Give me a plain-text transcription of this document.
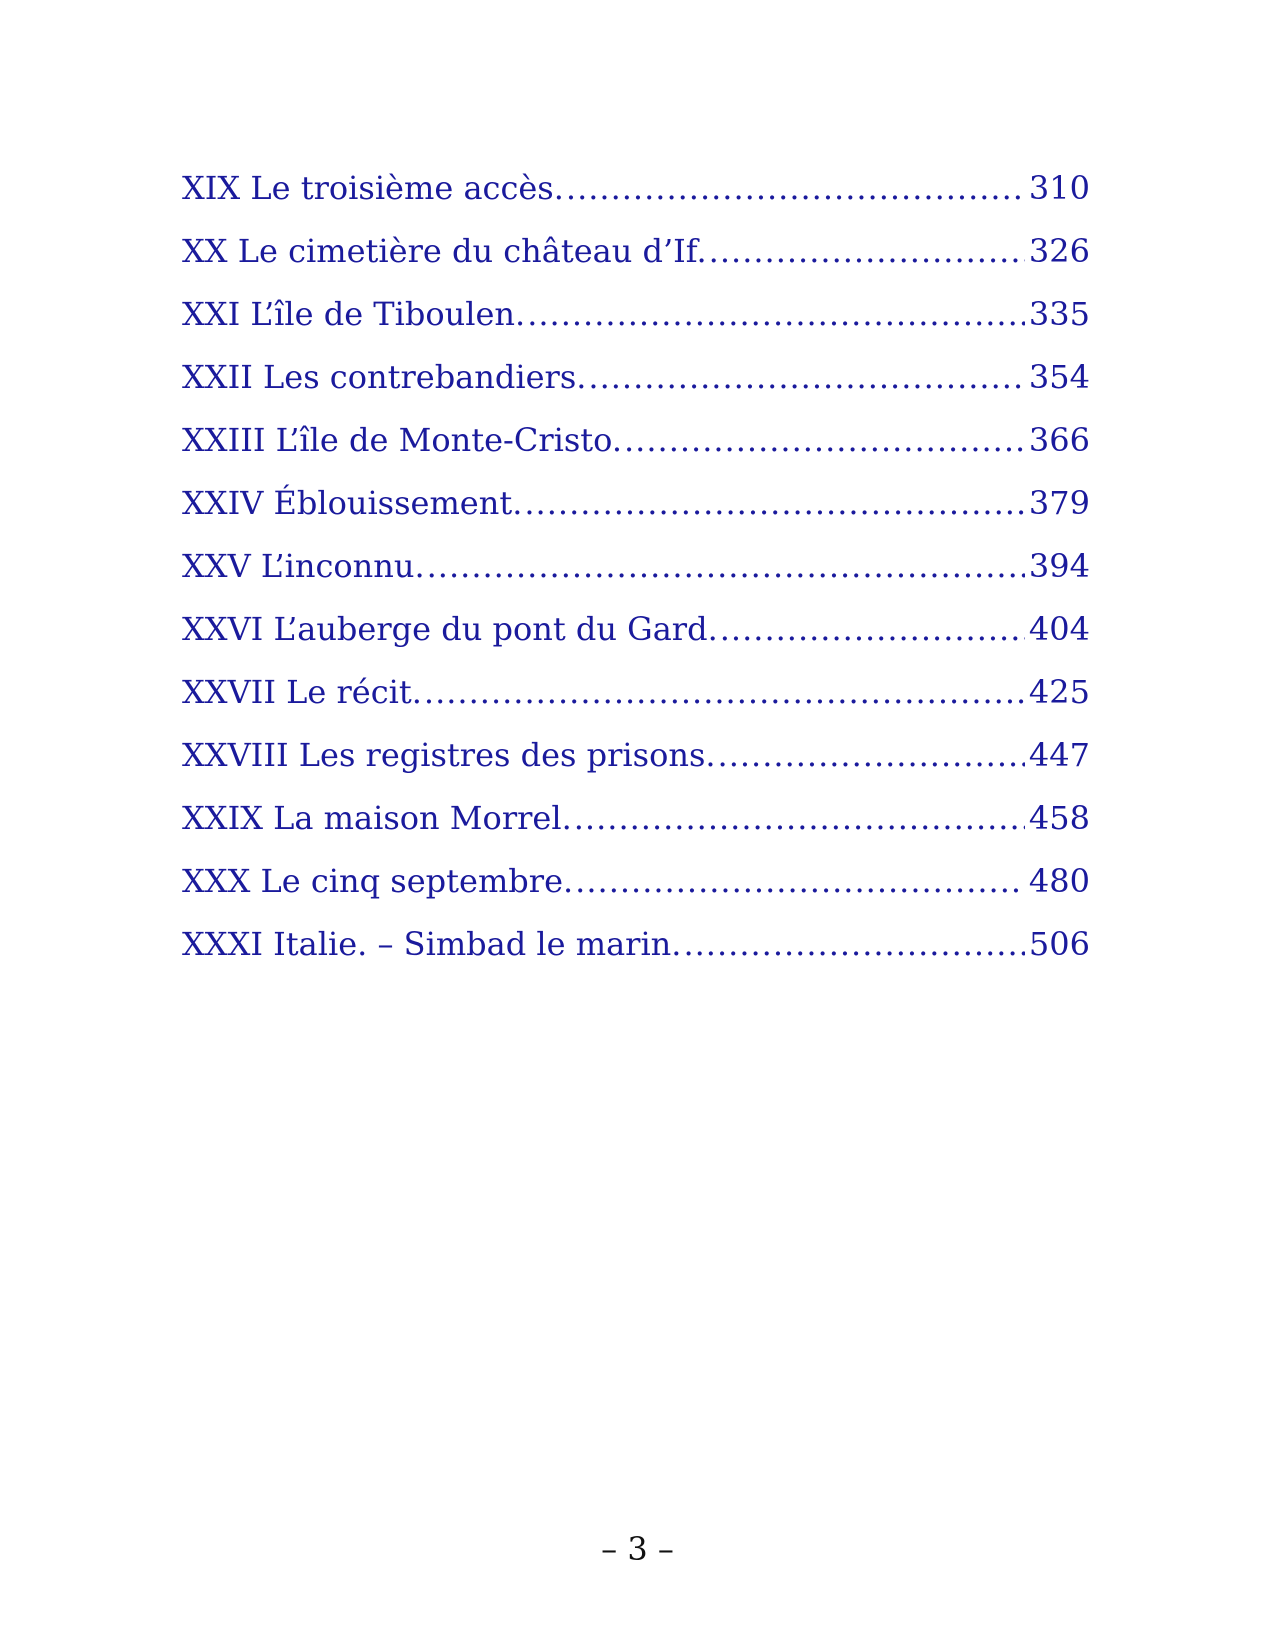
XIX Le troisième accès. .....	310
XX Le cimetière du château d’If. .....	326
XXI L’île de Tiboulen. .....	335
XXII Les contrebandiers. .....	354
XXIII L’île de Monte-Cristo. .....	366
XXIV Éblouissement. .....	379
XXV L’inconnu. .....	394
XXVI L’auberge du pont du Gard. .....	404
XXVII Le récit. .....	425
XXVIII Les registres des prisons. .....	447
XXIX La maison Morrel. .....	458
XXX Le cinq septembre. .....	480
XXXI Italie. – Simbad le marin. .....	506
– 3 –
